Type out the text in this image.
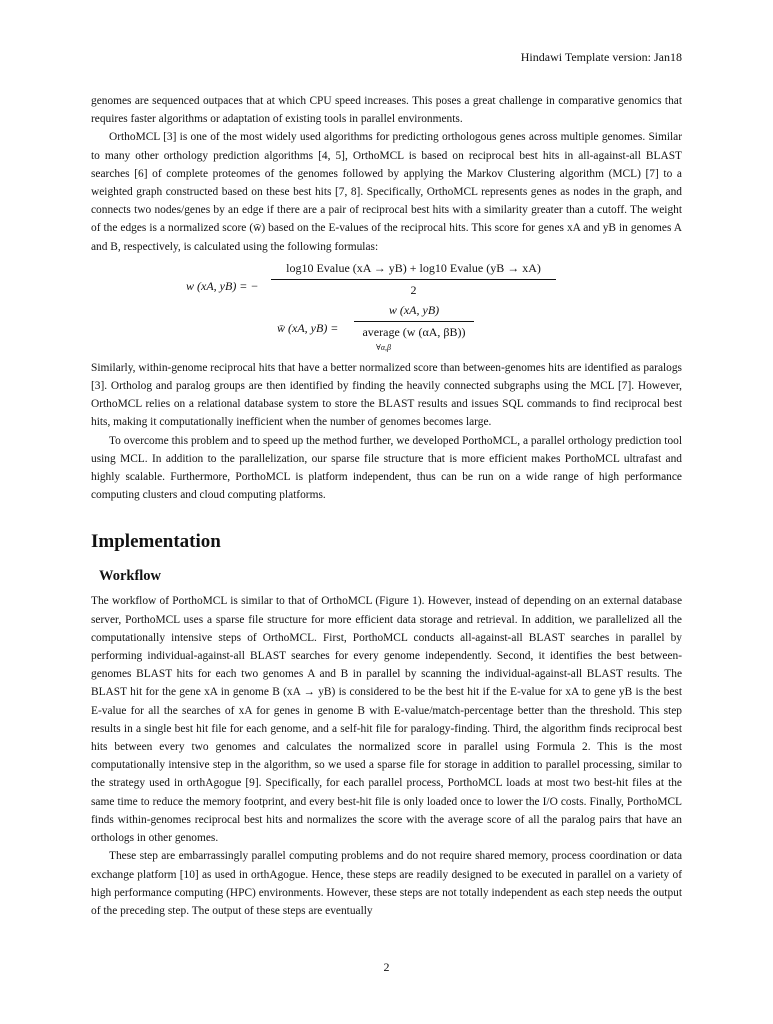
Hindawi Template version: Jan18

genomes are sequenced outpaces that at which CPU speed increases. This poses a great challenge in comparative genomics that requires faster algorithms or adaptation of existing tools in parallel environments.

OrthoMCL [3] is one of the most widely used algorithms for predicting orthologous genes across multiple genomes. Similar to many other orthology prediction algorithms [4, 5], OrthoMCL is based on reciprocal best hits in all-against-all BLAST searches [6] of complete proteomes of the genomes followed by applying the Markov Clustering algorithm (MCL) [7] to a weighted graph constructed based on these best hits [7, 8]. Specifically, OrthoMCL represents genes as nodes in the graph, and connects two nodes/genes by an edge if there are a pair of reciprocal best hits with a similarity greater than a cutoff. The weight of the edges is a normalized score (w̄) based on the E-values of the reciprocal hits. This score for genes xA and yB in genomes A and B, respectively, is calculated using the following formulas:

w (xA, yB) = −
log10 Evalue (xA → yB) + log10 Evalue (yB → xA)
2
w̄ (xA, yB) =
w (xA, yB)
average (w (αA, βB))
∀α,β

Similarly, within-genome reciprocal hits that have a better normalized score than between-genomes hits are identified as paralogs [3]. Ortholog and paralog groups are then identified by finding the heavily connected subgraphs using the MCL [7]. However, OrthoMCL relies on a relational database system to store the BLAST results and issues SQL commands to find reciprocal best hits, making it computationally inefficient when the number of genomes becomes large.

To overcome this problem and to speed up the method further, we developed PorthoMCL, a parallel orthology prediction tool using MCL. In addition to the parallelization, our sparse file structure that is more efficient makes PorthoMCL ultrafast and highly scalable. Furthermore, PorthoMCL is platform independent, thus can be run on a wide range of high performance computing clusters and cloud computing platforms.

Implementation
Workflow

The workflow of PorthoMCL is similar to that of OrthoMCL (Figure 1). However, instead of depending on an external database server, PorthoMCL uses a sparse file structure for more efficient data storage and retrieval. In addition, we parallelized all the computationally intensive steps of OrthoMCL. First, PorthoMCL conducts all-against-all BLAST searches in parallel by performing individual-against-all BLAST searches for every genome independently. Second, it identifies the best between-genomes BLAST hits for each two genomes A and B in parallel by scanning the individual-against-all BLAST results. The BLAST hit for the gene xA in genome B (xA → yB) is considered to be the best hit if the E-value for xA to gene yB is the best E-value for all the searches of xA for genes in genome B with E-value/match-percentage better than the threshold. This step results in a single best hit file for each genome, and a self-hit file for paralogy-finding. Third, the algorithm finds reciprocal best hits between every two genomes and calculates the normalized score in parallel using Formula 2. This is the most computationally intensive step in the algorithm, so we used a sparse file for storage in addition to parallel processing, similar to the strategy used in orthAgogue [9]. Specifically, for each parallel process, PorthoMCL loads at most two best-hit files at the same time to reduce the memory footprint, and every best-hit file is only loaded once to lower the I/O costs. Finally, PorthoMCL finds within-genomes reciprocal best hits and normalizes the score with the average score of all the paralog pairs that have an orthologs in other genomes.

These step are embarrassingly parallel computing problems and do not require shared memory, process coordination or data exchange platform [10] as used in orthAgogue. Hence, these steps are readily designed to be executed in parallel on a variety of high performance computing (HPC) environments. However, these steps are not totally independent as each step needs the output of the preceding step. The output of these steps are eventually

2
